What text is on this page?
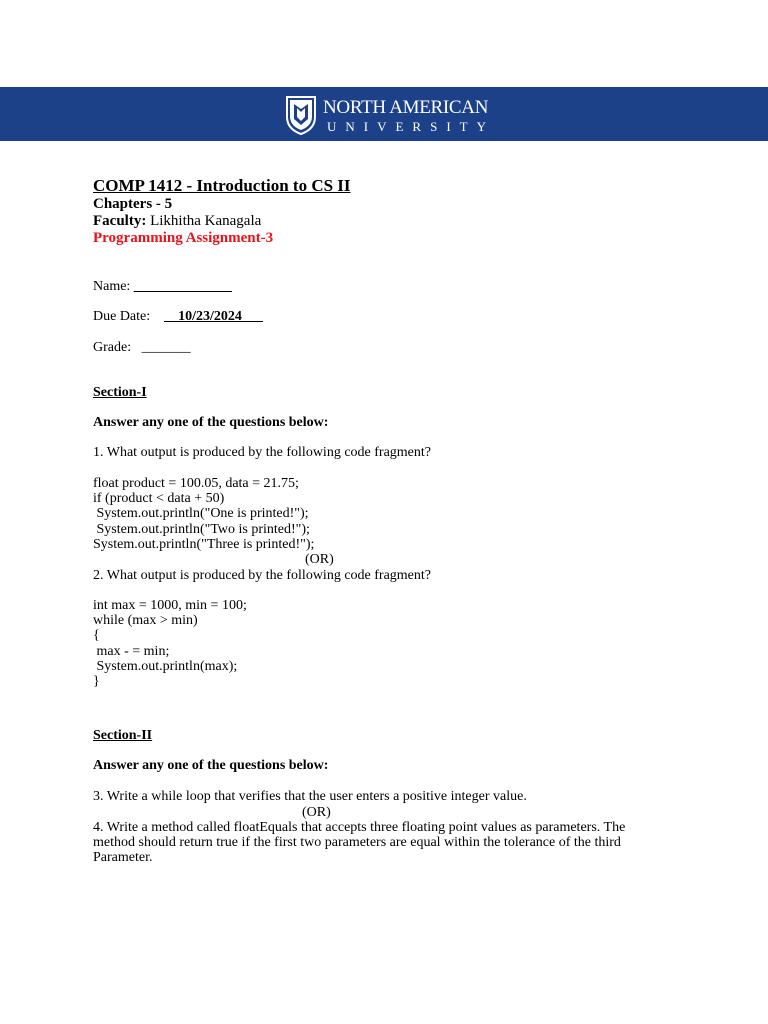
NORTH AMERICAN
UNIVERSITY
COMP 1412 - Introduction to CS II

Chapters - 5

Faculty: Likhitha Kanagala

Programming Assignment-3

Name: __                    __

Due Date: __10/23/2024___

Grade: _______

Section-I

Answer any one of the questions below:

1. What output is produced by the following code fragment?

float product = 100.05, data = 21.75;

if (product < data + 50)

System.out.println("One is printed!");

System.out.println("Two is printed!");

System.out.println("Three is printed!");

(OR)

2. What output is produced by the following code fragment?

int max = 1000, min = 100;

while (max > min)

{

max - = min;

System.out.println(max);

}

Section-II

Answer any one of the questions below:

3. Write a while loop that verifies that the user enters a positive integer value.

(OR)

4. Write a method called floatEquals that accepts three floating point values as parameters. The method should return true if the first two parameters are equal within the tolerance of the third Parameter.
